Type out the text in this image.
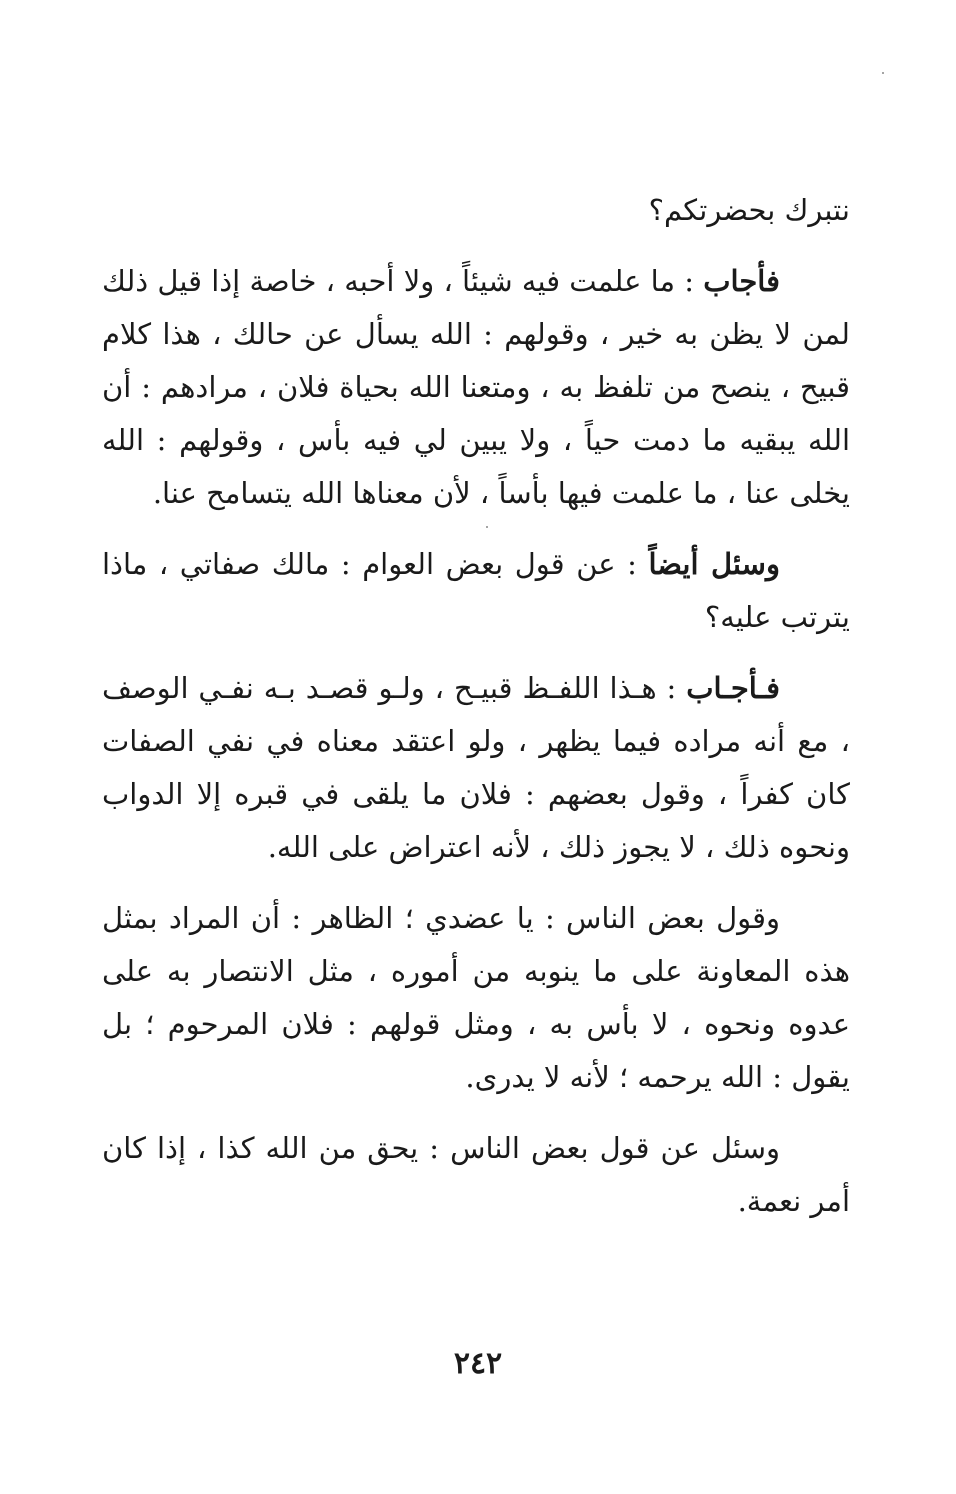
نتبرك بحضرتكم؟

فأجاب : ما علمت فيه شيئاً ، ولا أحبه ، خاصة إذا قيل ذلك لمن لا يظن به خير ، وقولهم : الله يسأل عن حالك ، هذا كلام قبيح ، ينصح من تلفظ به ، ومتعنا الله بحياة فلان ، مرادهم : أن الله يبقيه ما دمت حياً ، ولا يبين لي فيه بأس ، وقولهم : الله يخلى عنا ، ما علمت فيها بأساً ، لأن معناها الله يتسامح عنا.

وسئل أيضاً : عن قول بعض العوام : مالك صفاتي ، ماذا يترتب عليه؟

فـأجـاب : هـذا اللفـظ قبيـح ، ولـو قصـد بـه نفـي الوصف ، مع أنه مراده فيما يظهر ، ولو اعتقد معناه في نفي الصفات كان كفراً ، وقول بعضهم : فلان ما يلقى في قبره إلا الدواب ونحوه ذلك ، لا يجوز ذلك ، لأنه اعتراض على الله.

وقول بعض الناس : يا عضدي ؛ الظاهر : أن المراد بمثل هذه المعاونة على ما ينوبه من أموره ، مثل الانتصار به على عدوه ونحوه ، لا بأس به ، ومثل قولهم : فلان المرحوم ؛ بل يقول : الله يرحمه ؛ لأنه لا يدرى.

وسئل عن قول بعض الناس : يحق من الله كذا ، إذا كان أمر نعمة.

٢٤٢
